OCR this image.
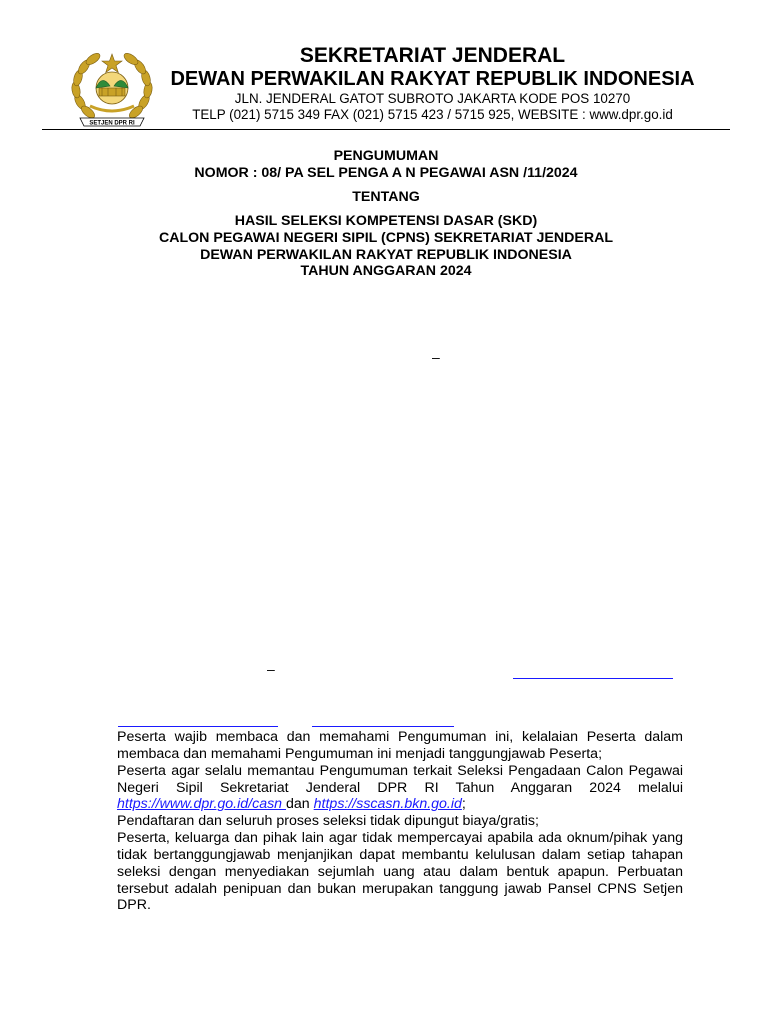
SETJEN DPR RI
SEKRETARIAT JENDERAL
DEWAN PERWAKILAN RAKYAT REPUBLIK INDONESIA
JLN. JENDERAL GATOT SUBROTO JAKARTA KODE POS 10270
TELP (021) 5715 349 FAX (021) 5715 423 / 5715 925, WEBSITE : www.dpr.go.id
PENGUMUMAN
NOMOR : 08/ PA SEL PENGA A N PEGAWAI ASN /11/2024
TENTANG
HASIL SELEKSI KOMPETENSI DASAR (SKD)
CALON PEGAWAI NEGERI SIPIL (CPNS) SEKRETARIAT JENDERAL
DEWAN PERWAKILAN RAKYAT REPUBLIK INDONESIA
TAHUN ANGGARAN 2024
–
–

Peserta wajib membaca dan memahami Pengumuman ini, kelalaian Peserta dalam membaca dan memahami Pengumuman ini menjadi tanggungjawab Peserta;

Peserta agar selalu memantau Pengumuman terkait Seleksi Pengadaan Calon Pegawai Negeri Sipil Sekretariat Jenderal DPR RI Tahun Anggaran 2024 melalui https://www.dpr.go.id/casn dan https://sscasn.bkn.go.id;

Pendaftaran dan seluruh proses seleksi tidak dipungut biaya/gratis;

Peserta, keluarga dan pihak lain agar tidak mempercayai apabila ada oknum/pihak yang tidak bertanggungjawab menjanjikan dapat membantu kelulusan dalam setiap tahapan seleksi dengan menyediakan sejumlah uang atau dalam bentuk apapun. Perbuatan tersebut adalah penipuan dan bukan merupakan tanggung jawab Pansel CPNS Setjen DPR.
